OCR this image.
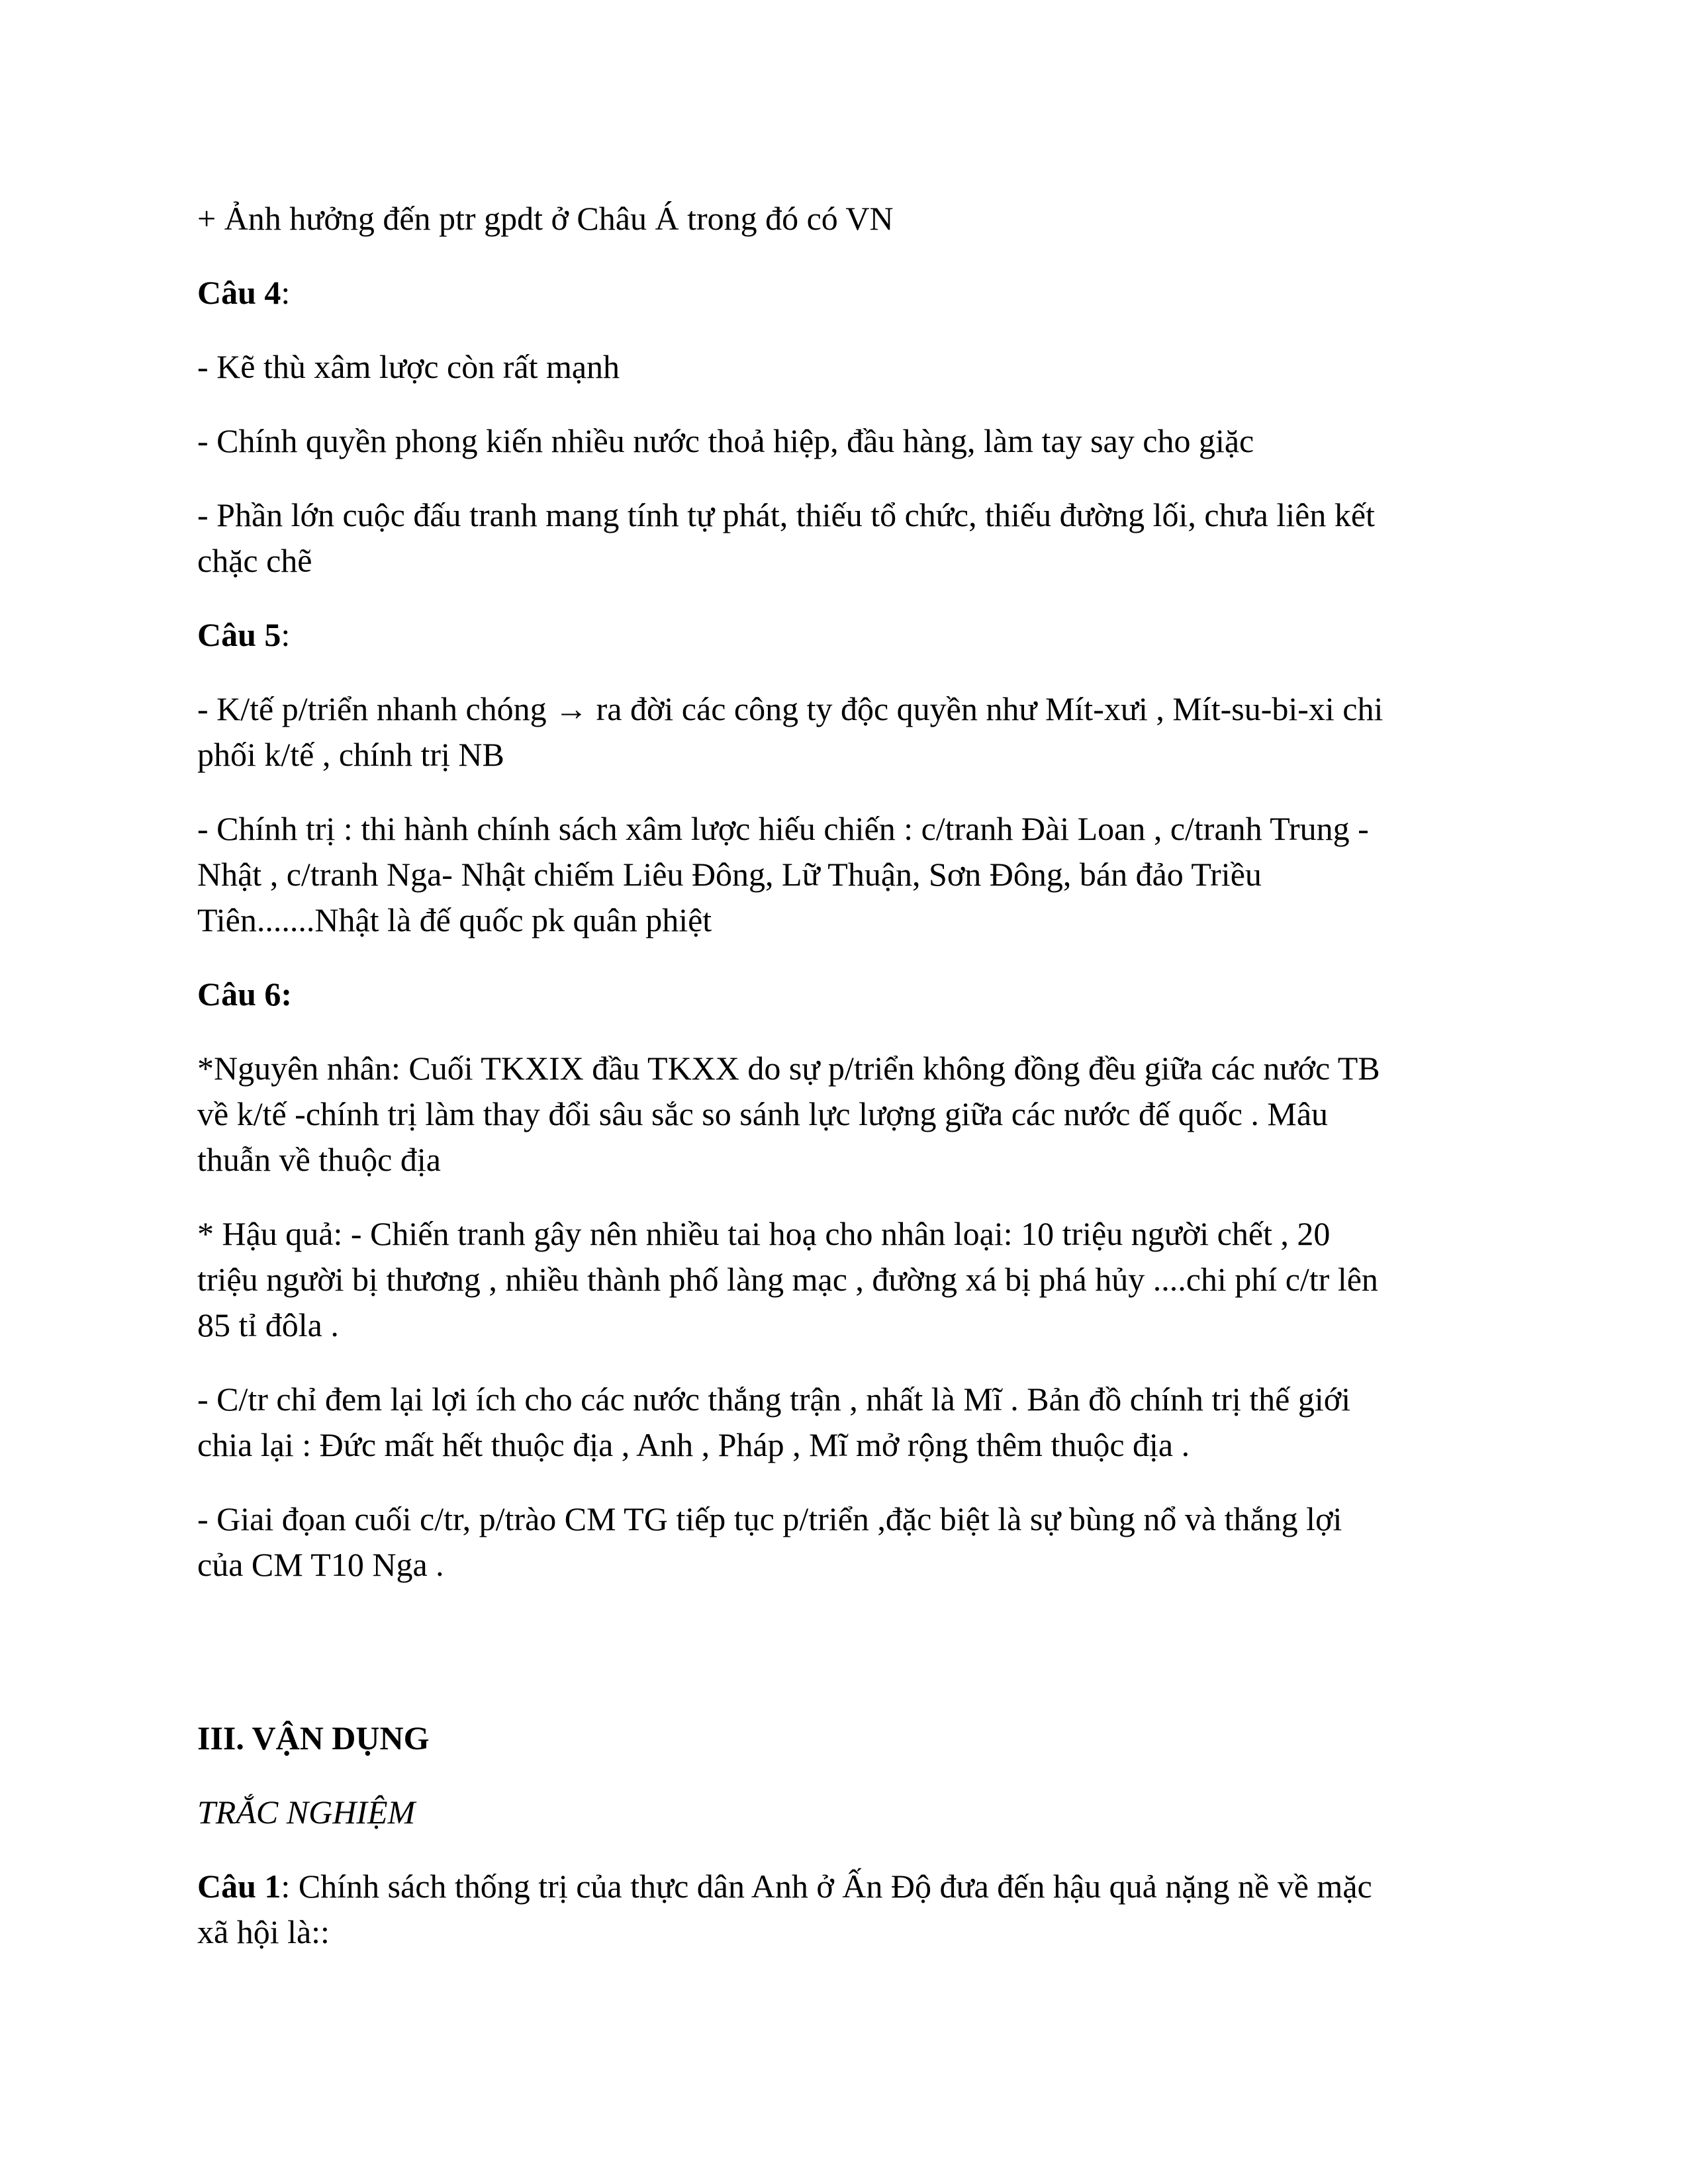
+ Ảnh hưởng đến ptr gpdt ở Châu Á trong đó có VN
Câu 4:
- Kẽ thù xâm lược còn rất mạnh
- Chính quyền phong kiến nhiều nước thoả hiệp, đầu hàng, làm tay say cho giặc
- Phần lớn cuộc đấu tranh mang tính tự phát, thiếu tổ chức, thiếu đường lối, chưa liên kết
chặc chẽ
Câu 5:
- K/tế p/triển nhanh chóng → ra đời các công ty độc quyền như Mít-xưi , Mít-su-bi-xi chi
phối k/tế , chính trị NB
- Chính trị : thi hành chính sách xâm lược hiếu chiến : c/tranh Đài Loan , c/tranh Trung -
Nhật , c/tranh Nga- Nhật chiếm Liêu Đông, Lữ Thuận, Sơn Đông, bán đảo Triều
Tiên.......Nhật là đế quốc pk quân phiệt
Câu 6:
*Nguyên nhân: Cuối TKXIX đầu TKXX do sự p/triển không đồng đều giữa các nước TB
về k/tế -chính trị làm thay đổi sâu sắc so sánh lực lượng giữa các nước đế quốc . Mâu
thuẫn về thuộc địa
* Hậu quả: - Chiến tranh gây nên nhiều tai hoạ cho nhân loại: 10 triệu người chết , 20
triệu người bị thương , nhiều thành phố làng mạc , đường xá bị phá hủy ....chi phí c/tr lên
85 tỉ đôla .
- C/tr chỉ đem lại lợi ích cho các nước thắng trận , nhất là Mĩ . Bản đồ chính trị thế giới
chia lại : Đức mất hết thuộc địa , Anh , Pháp , Mĩ mở rộng thêm thuộc địa .
- Giai đọan cuối c/tr, p/trào CM TG tiếp tục p/triển ,đặc biệt là sự bùng nổ và thắng lợi
của CM T10 Nga .
III. VẬN DỤNG
TRẮC NGHIỆM
Câu 1: Chính sách thống trị của thực dân Anh ở Ấn Độ đưa đến hậu quả nặng nề về mặc
xã hội là::
